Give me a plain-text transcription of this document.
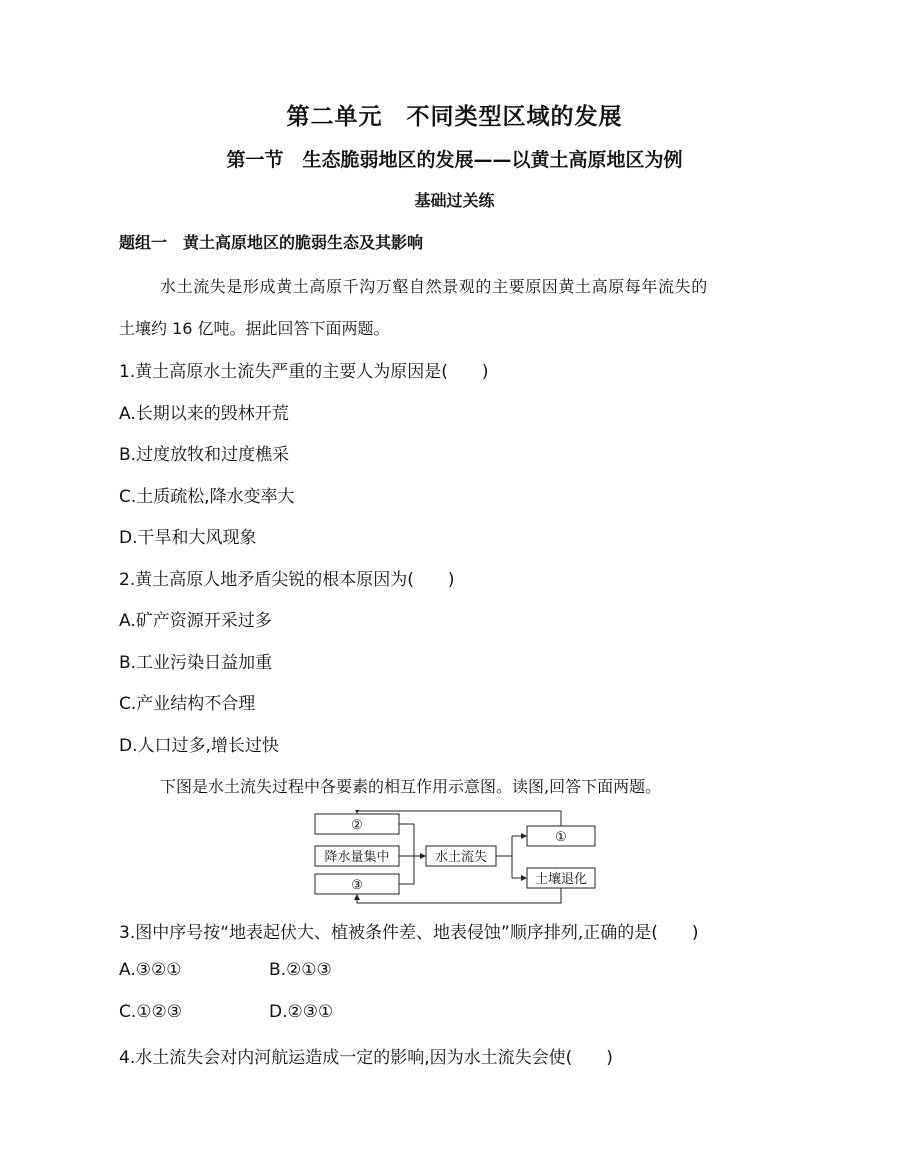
第二单元　不同类型区域的发展
第一节　生态脆弱地区的发展——以黄土高原地区为例
基础过关练
题组一　黄土高原地区的脆弱生态及其影响
水土流失是形成黄土高原千沟万壑自然景观的主要原因黄土高原每年流失的
土壤约 16 亿吨。据此回答下面两题。
1.黄土高原水土流失严重的主要人为原因是(　　)
A.长期以来的毁林开荒
B.过度放牧和过度樵采
C.土质疏松,降水变率大
D.干旱和大风现象
2.黄土高原人地矛盾尖锐的根本原因为(　　)
A.矿产资源开采过多
B.工业污染日益加重
C.产业结构不合理
D.人口过多,增长过快
下图是水土流失过程中各要素的相互作用示意图。读图,回答下面两题。
②
降水量集中
③
水土流失
①
土壤退化
3.图中序号按“地表起伏大、植被条件差、地表侵蚀”顺序排列,正确的是(　　)
A.③②①	B.②①③
C.①②③	D.②③①
4.水土流失会对内河航运造成一定的影响,因为水土流失会使(　　)
